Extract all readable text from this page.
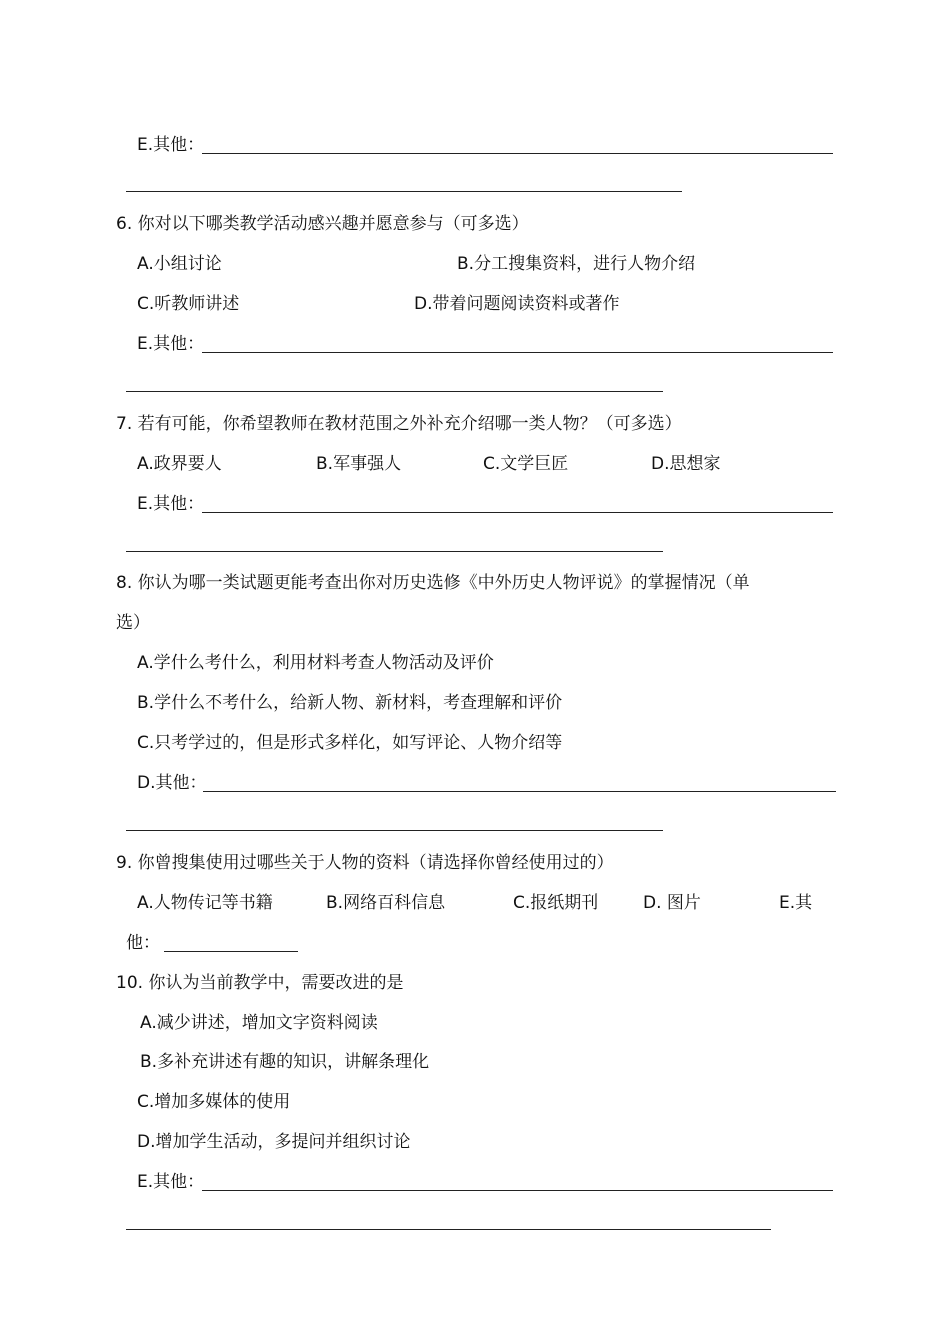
E.其他：
6. 你对以下哪类教学活动感兴趣并愿意参与（可多选）
A.小组讨论	B.分工搜集资料，进行人物介绍
C.听教师讲述	D.带着问题阅读资料或著作
E.其他：
7. 若有可能，你希望教师在教材范围之外补充介绍哪一类人物？（可多选）
A.政界要人	B.军事强人	C.文学巨匠	D.思想家
E.其他：
8. 你认为哪一类试题更能考查出你对历史选修《中外历史人物评说》的掌握情况（单
选）
A.学什么考什么，利用材料考查人物活动及评价
B.学什么不考什么，给新人物、新材料，考查理解和评价
C.只考学过的，但是形式多样化，如写评论、人物介绍等
D.其他：
9. 你曾搜集使用过哪些关于人物的资料（请选择你曾经使用过的）
A.人物传记等书籍	B.网络百科信息	C.报纸期刊	D. 图片	E.其
他：
10. 你认为当前教学中，需要改进的是
A.减少讲述，增加文字资料阅读
B.多补充讲述有趣的知识，讲解条理化
C.增加多媒体的使用
D.增加学生活动，多提问并组织讨论
E.其他：
